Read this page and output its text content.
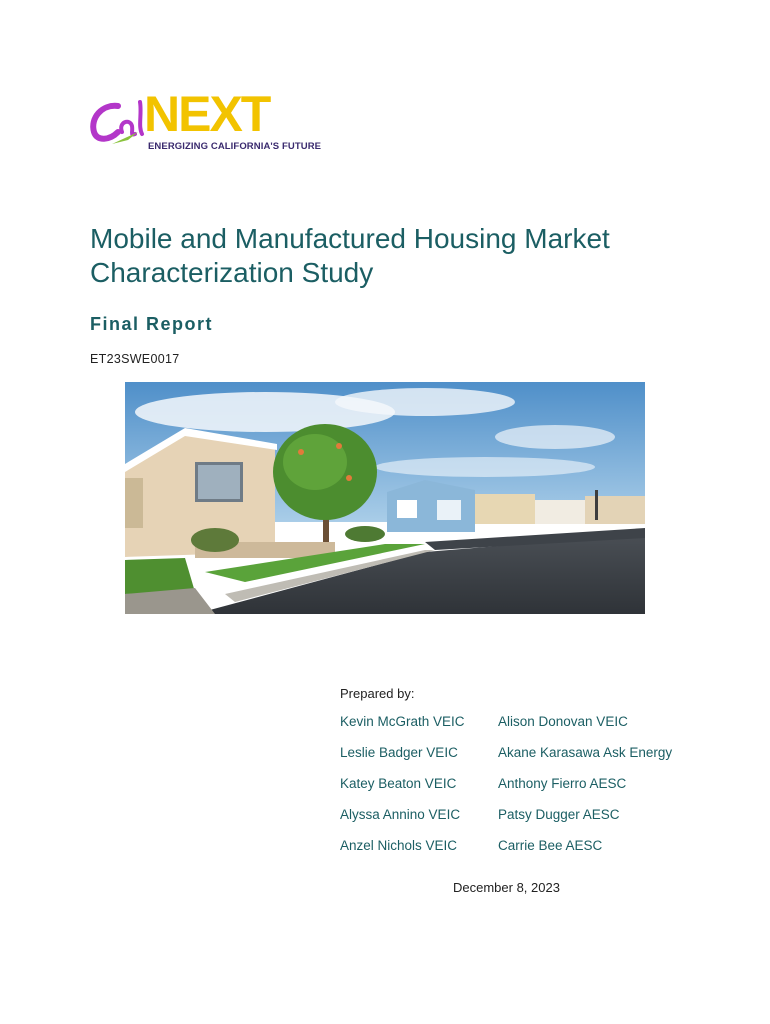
NEXT
ENERGIZING CALIFORNIA'S FUTURE
Mobile and Manufactured Housing Market Characterization Study
Final Report
ET23SWE0017
Prepared by:
Kevin McGrath VEIC	Alison Donovan VEIC
Leslie Badger VEIC	Akane Karasawa Ask Energy
Katey Beaton VEIC	Anthony Fierro AESC
Alyssa Annino VEIC	Patsy Dugger AESC
Anzel Nichols VEIC	Carrie Bee AESC
December 8, 2023
